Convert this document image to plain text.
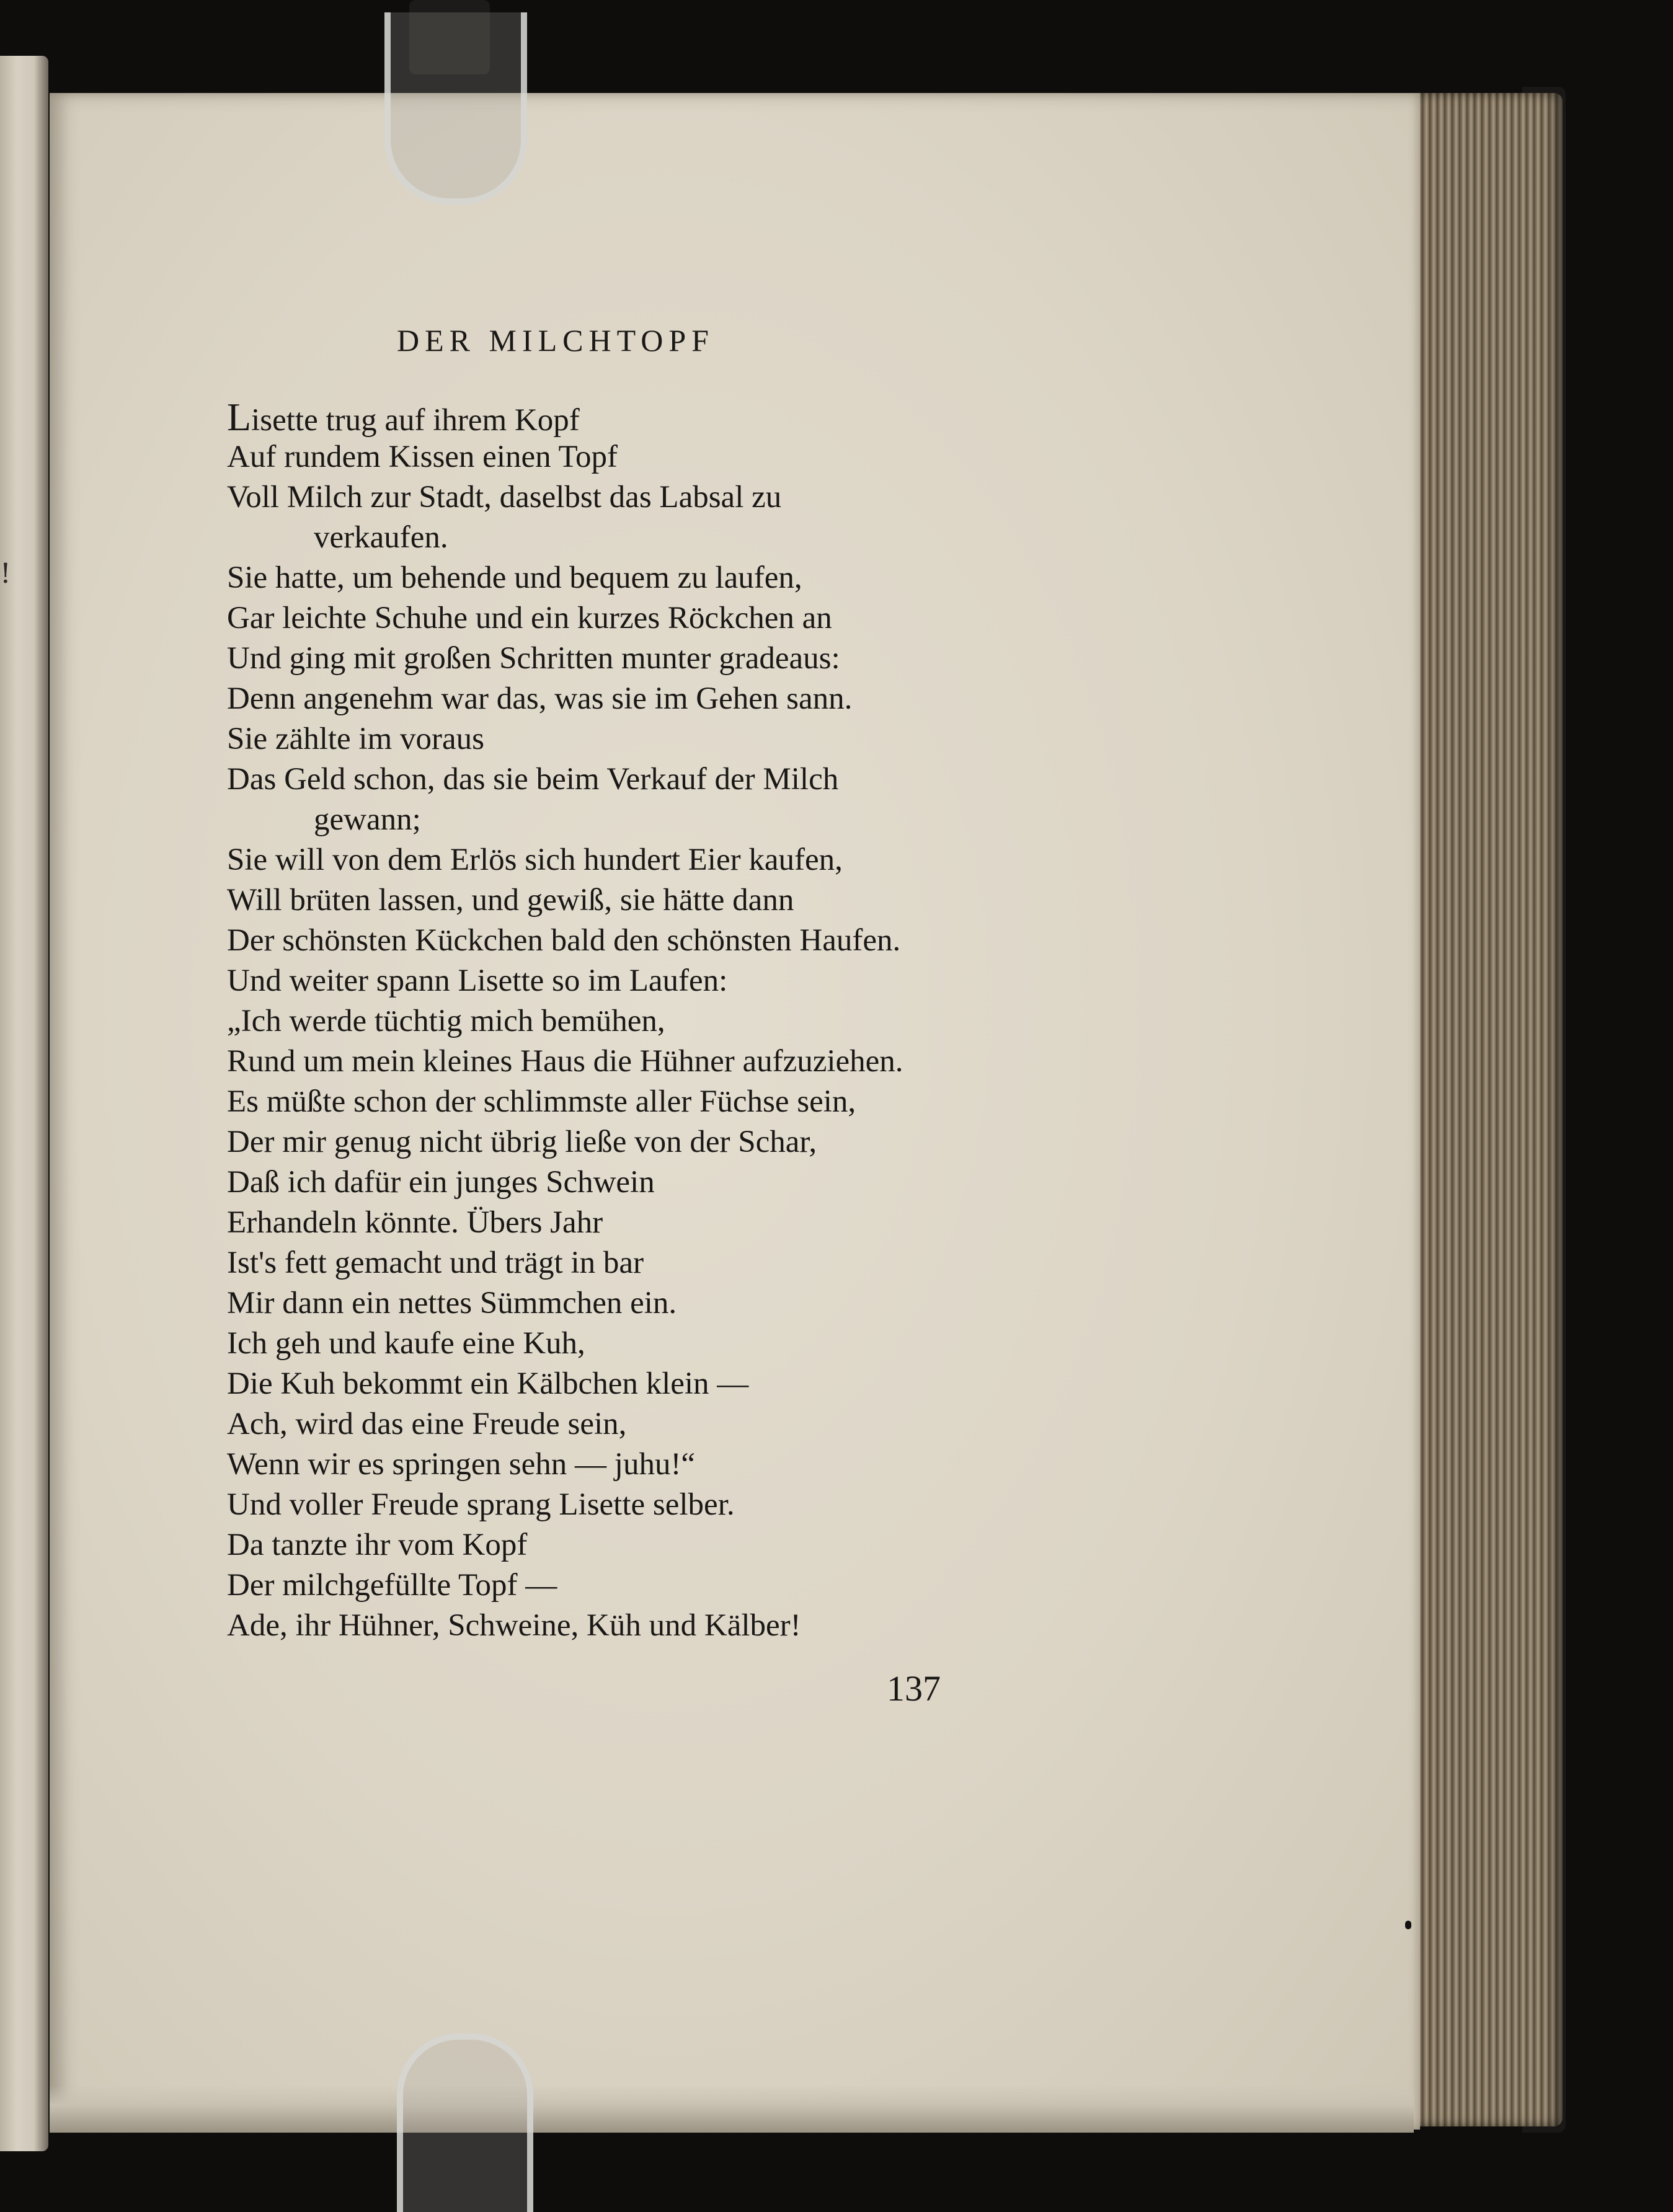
!
DER MILCHTOPF
Lisette trug auf ihrem Kopf
Auf rundem Kissen einen Topf
Voll Milch zur Stadt, daselbst das Labsal zu
verkaufen.
Sie hatte, um behende und bequem zu laufen,
Gar leichte Schuhe und ein kurzes Röckchen an
Und ging mit großen Schritten munter gradeaus:
Denn angenehm war das, was sie im Gehen sann.
Sie zählte im voraus
Das Geld schon, das sie beim Verkauf der Milch
gewann;
Sie will von dem Erlös sich hundert Eier kaufen,
Will brüten lassen, und gewiß, sie hätte dann
Der schönsten Kückchen bald den schönsten Haufen.
Und weiter spann Lisette so im Laufen:
„Ich werde tüchtig mich bemühen,
Rund um mein kleines Haus die Hühner aufzuziehen.
Es müßte schon der schlimmste aller Füchse sein,
Der mir genug nicht übrig ließe von der Schar,
Daß ich dafür ein junges Schwein
Erhandeln könnte. Übers Jahr
Ist's fett gemacht und trägt in bar
Mir dann ein nettes Sümmchen ein.
Ich geh und kaufe eine Kuh,
Die Kuh bekommt ein Kälbchen klein —
Ach, wird das eine Freude sein,
Wenn wir es springen sehn — juhu!“
Und voller Freude sprang Lisette selber.
Da tanzte ihr vom Kopf
Der milchgefüllte Topf —
Ade, ihr Hühner, Schweine, Küh und Kälber!
137
